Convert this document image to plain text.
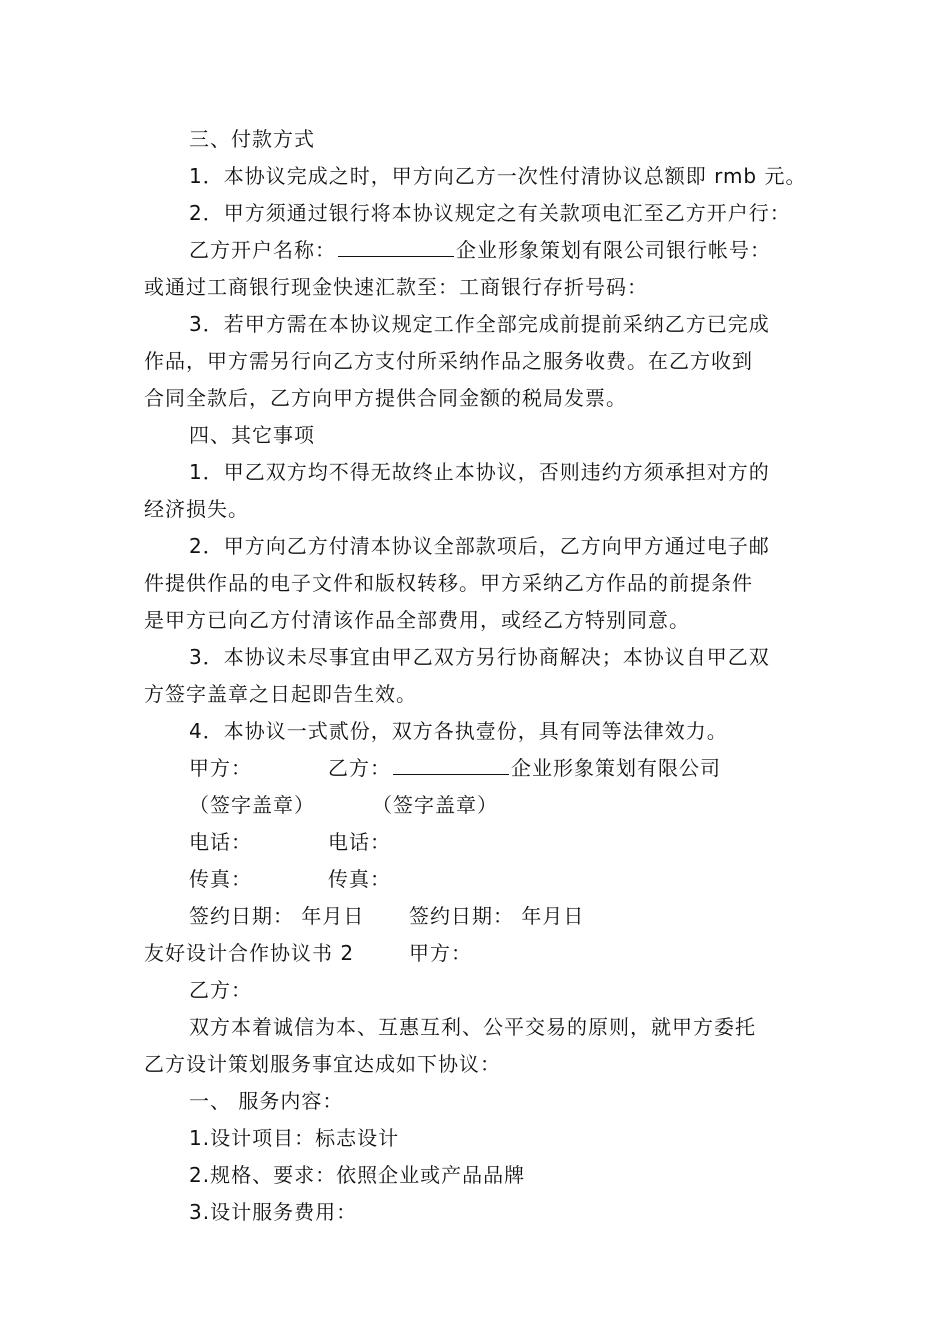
三、付款方式
1．本协议完成之时，甲方向乙方一次性付清协议总额即 rmb 元。
2．甲方须通过银行将本协议规定之有关款项电汇至乙方开户行：
乙方开户名称：	企业形象策划有限公司银行帐号：
或通过工商银行现金快速汇款至：工商银行存折号码：
3．若甲方需在本协议规定工作全部完成前提前采纳乙方已完成
作品，甲方需另行向乙方支付所采纳作品之服务收费。在乙方收到
合同全款后，乙方向甲方提供合同金额的税局发票。
四、其它事项
1．甲乙双方均不得无故终止本协议，否则违约方须承担对方的
经济损失。
2．甲方向乙方付清本协议全部款项后，乙方向甲方通过电子邮
件提供作品的电子文件和版权转移。甲方采纳乙方作品的前提条件
是甲方已向乙方付清该作品全部费用，或经乙方特别同意。
3．本协议未尽事宜由甲乙双方另行协商解决；本协议自甲乙双
方签字盖章之日起即告生效。
4．本协议一式贰份，双方各执壹份，具有同等法律效力。
甲方：	乙方：	企业形象策划有限公司
（签字盖章）	（签字盖章）
电话：	电话：
传真：	传真：
签约日期： 年月日 签约日期： 年月日
友好设计合作协议书 2	甲方：
乙方：
双方本着诚信为本、互惠互利、公平交易的原则，就甲方委托
乙方设计策划服务事宜达成如下协议：
一、 服务内容：
1.设计项目：标志设计
2.规格、要求：依照企业或产品品牌
3.设计服务费用：
